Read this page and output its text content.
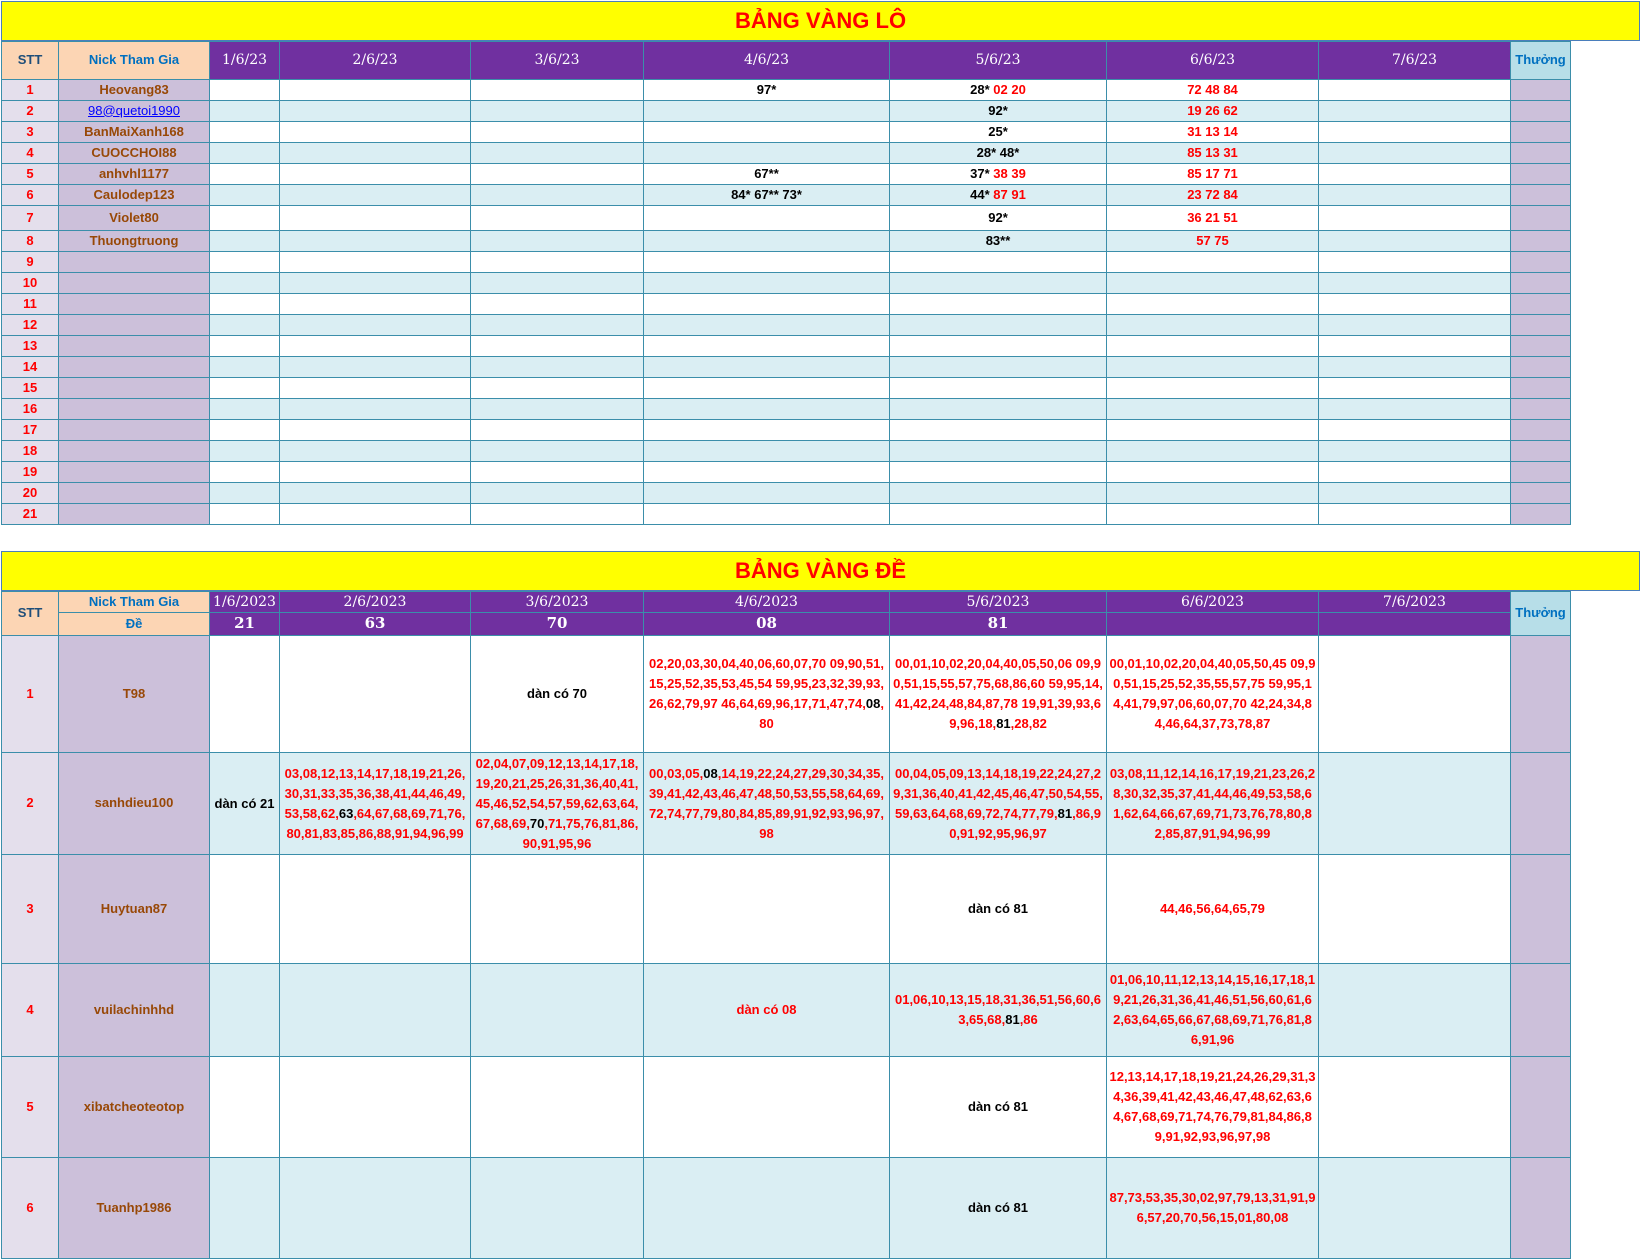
BẢNG VÀNG LÔ
STT	Nick Tham Gia	1/6/23	2/6/23	3/6/23	4/6/23	5/6/23	6/6/23	7/6/23	Thưởng
1	Heovang83				97*	28* 02 20	72 48 84		

2	98@quetoi1990					92*	19 26 62		

3	BanMaiXanh168					25*	31 13 14		

4	CUOCCHOI88					28* 48*	85 13 31		

5	anhvhl1177				67**	37* 38 39	85 17 71		

6	Caulodep123				84* 67** 73*	44* 87 91	23 72 84		

7	Violet80					92*	36 21 51		

8	Thuongtruong					83**	57 75		

9									
10									
11									
12									
13									
14									
15									
16									
17									
18									
19									
20									
21									
BẢNG VÀNG ĐỀ
STT	Nick Tham Gia	1/6/2023	2/6/2023	3/6/2023	4/6/2023	5/6/2023	6/6/2023	7/6/2023	Thưởng
	Đề	21	63	70	08	81			
1	T98			dàn có 70	02,20,03,30,04,40,06,60,07,70 09,90,51,15,25,52,35,53,45,54 59,95,23,32,39,93,26,62,79,97 46,64,69,96,17,71,47,74,08,80	00,01,10,02,20,04,40,05,50,06 09,90,51,15,55,57,75,68,86,60 59,95,14,41,42,24,48,84,87,78 19,91,39,93,69,96,18,81,28,82	00,01,10,02,20,04,40,05,50,45 09,90,51,15,25,52,35,55,57,75 59,95,14,41,79,97,06,60,07,70 42,24,34,84,46,64,37,73,78,87		

2	sanhdieu100	dàn có 21	03,08,12,13,14,17,18,19,21,26,30,31,33,35,36,38,41,44,46,49,53,58,62,63,64,67,68,69,71,76,80,81,83,85,86,88,91,94,96,99	02,04,07,09,12,13,14,17,18,19,20,21,25,26,31,36,40,41,45,46,52,54,57,59,62,63,64,67,68,69,70,71,75,76,81,86,90,91,95,96	00,03,05,08,14,19,22,24,27,29,30,34,35,39,41,42,43,46,47,48,50,53,55,58,64,69,72,74,77,79,80,84,85,89,91,92,93,96,97,98	00,04,05,09,13,14,18,19,22,24,27,29,31,36,40,41,42,45,46,47,50,54,55,59,63,64,68,69,72,74,77,79,81,86,90,91,92,95,96,97	03,08,11,12,14,16,17,19,21,23,26,28,30,32,35,37,41,44,46,49,53,58,61,62,64,66,67,69,71,73,76,78,80,82,85,87,91,94,96,99		

3	Huytuan87					dàn có 81	44,46,56,64,65,79		

4	vuilachinhhd				dàn có 08	01,06,10,13,15,18,31,36,51,56,60,63,65,68,81,86	01,06,10,11,12,13,14,15,16,17,18,19,21,26,31,36,41,46,51,56,60,61,62,63,64,65,66,67,68,69,71,76,81,86,91,96		

5	xibatcheoteotop					dàn có 81	12,13,14,17,18,19,21,24,26,29,31,34,36,39,41,42,43,46,47,48,62,63,64,67,68,69,71,74,76,79,81,84,86,89,91,92,93,96,97,98		

6	Tuanhp1986					dàn có 81	87,73,53,35,30,02,97,79,13,31,91,96,57,20,70,56,15,01,80,08		
